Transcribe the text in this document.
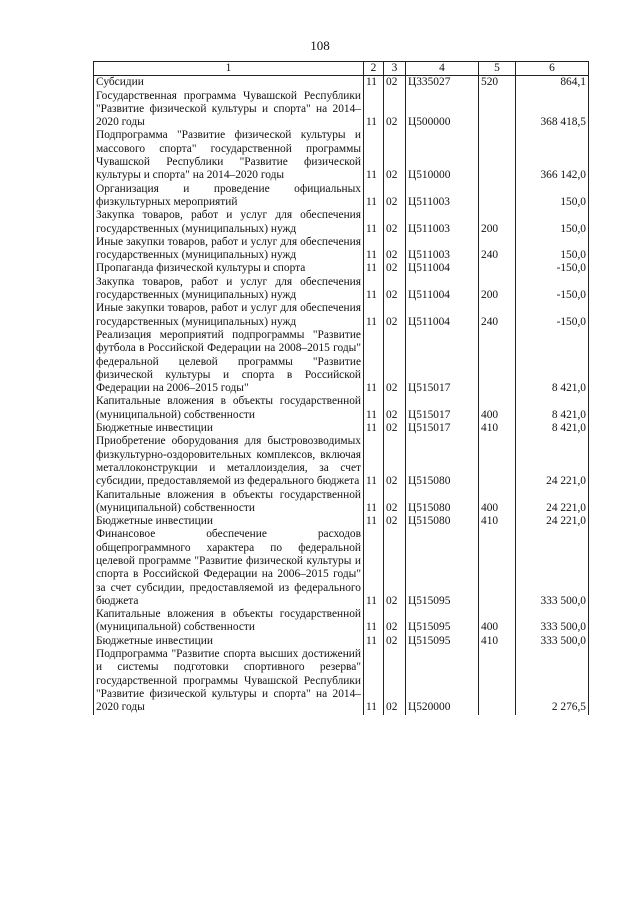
108
1	2	3	4	5	6
Субсидии	11	02	Ц335027	520	864,1
Государственная программа Чувашской Республики "Развитие физической культуры и спорта" на 2014–2020 годы	11	02	Ц500000		368 418,5
Подпрограмма "Развитие физической культуры и массового спорта" государственной программы Чувашской Республики "Развитие физической культуры и спорта" на 2014–2020 годы	11	02	Ц510000		366 142,0
Организация и проведение официальных физкультурных мероприятий	11	02	Ц511003		150,0
Закупка товаров, работ и услуг для обеспечения государственных (муниципальных) нужд	11	02	Ц511003	200	150,0
Иные закупки товаров, работ и услуг для обеспечения государственных (муниципальных) нужд	11	02	Ц511003	240	150,0
Пропаганда физической культуры и спорта	11	02	Ц511004		-150,0
Закупка товаров, работ и услуг для обеспечения государственных (муниципальных) нужд	11	02	Ц511004	200	-150,0
Иные закупки товаров, работ и услуг для обеспечения государственных (муниципальных) нужд	11	02	Ц511004	240	-150,0
Реализация мероприятий подпрограммы "Развитие футбола в Российской Федерации на 2008–2015 годы" федеральной целевой программы "Развитие физической культуры и спорта в Российской Федерации на 2006–2015 годы"	11	02	Ц515017		8 421,0
Капитальные вложения в объекты государственной (муниципальной) собственности	11	02	Ц515017	400	8 421,0
Бюджетные инвестиции	11	02	Ц515017	410	8 421,0
Приобретение оборудования для быстровозводимых физкультурно-оздоровительных комплексов, включая металлоконструкции и металлоизделия, за счет субсидии, предоставляемой из федерального бюджета	11	02	Ц515080		24 221,0
Капитальные вложения в объекты государственной (муниципальной) собственности	11	02	Ц515080	400	24 221,0
Бюджетные инвестиции	11	02	Ц515080	410	24 221,0
Финансовое обеспечение расходов общепрограммного характера по федеральной целевой программе "Развитие физической культуры и спорта в Российской Федерации на 2006–2015 годы" за счет субсидии, предоставляемой из федерального бюджета	11	02	Ц515095		333 500,0
Капитальные вложения в объекты государственной (муниципальной) собственности	11	02	Ц515095	400	333 500,0
Бюджетные инвестиции	11	02	Ц515095	410	333 500,0
Подпрограмма "Развитие спорта высших достижений и системы подготовки спортивного резерва" государственной программы Чувашской Республики "Развитие физической культуры и спорта" на 2014–2020 годы	11	02	Ц520000		2 276,5
